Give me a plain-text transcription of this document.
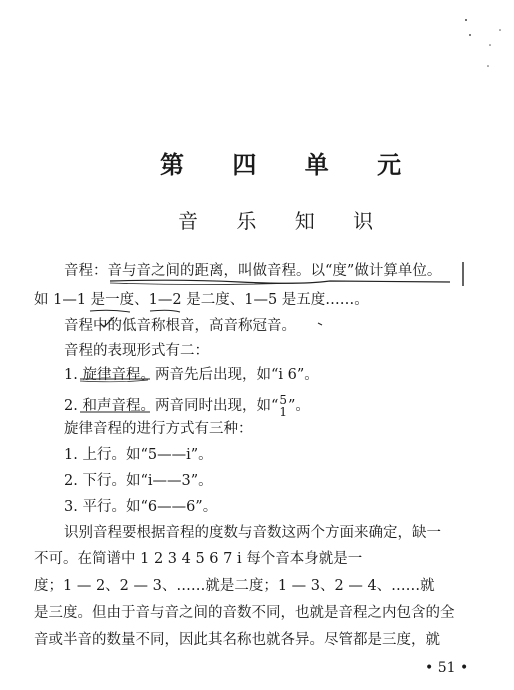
第 四 单 元
音 乐 知 识
音程：音与音之间的距离，叫做音程。以“度”做计算单位。
如 1—1 是一度、1—2 是二度、1—5 是五度……。
音程中的低音称根音，高音称冠音。
音程的表现形式有二：
1. 旋律音程。两音先后出现，如“i 6”。
2. 和声音程。两音同时出现，如“ 5
1 ”。
旋律音程的进行方式有三种：
1. 上行。如“5——i”。
2. 下行。如“i——3”。
3. 平行。如“6——6”。
识别音程要根据音程的度数与音数这两个方面来确定，缺一
不可。在简谱中 1 2 3 4 5 6 7 i 每个音本身就是一
度；1 — 2、2 — 3、……就是二度；1 — 3、2 — 4、……就
是三度。但由于音与音之间的音数不同，也就是音程之内包含的全
音或半音的数量不同，因此其名称也就各异。尽管都是三度，就
• 51 •
